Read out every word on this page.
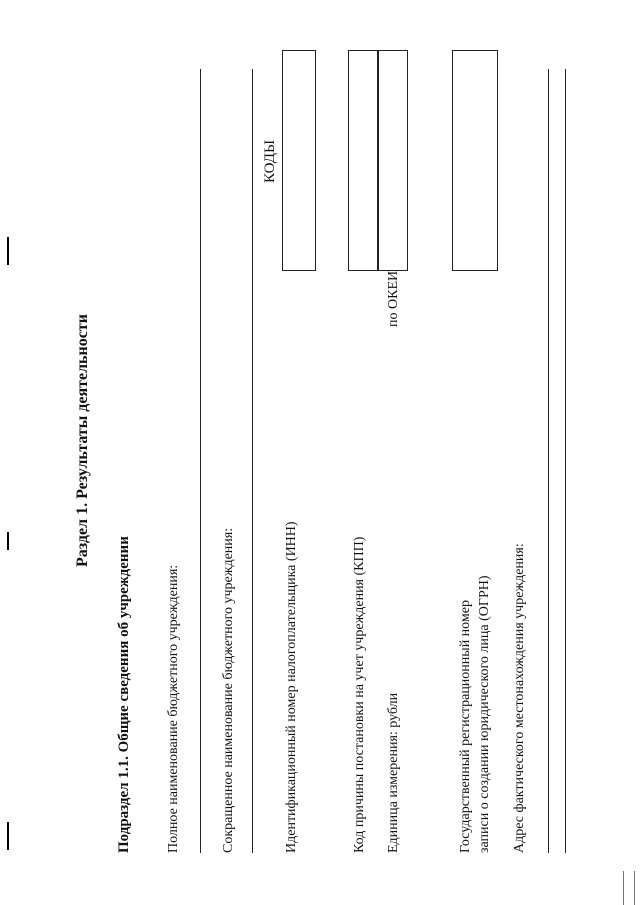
Раздел 1. Результаты деятельности
Подраздел 1.1. Общие сведения об учреждении Полное наименование бюджетного учреждения:	Сокращенное наименование бюджетного учреждения:
КОДЫ
Идентификационный номер налогоплательщика (ИНН)	Код причины постановки на учет учреждения (КПП) Единица измерения: рубли
по ОКЕИ
Государственный регистрационный номер записи о создании юридического лица (ОГРН) Адрес фактического местонахождения учреждения:
